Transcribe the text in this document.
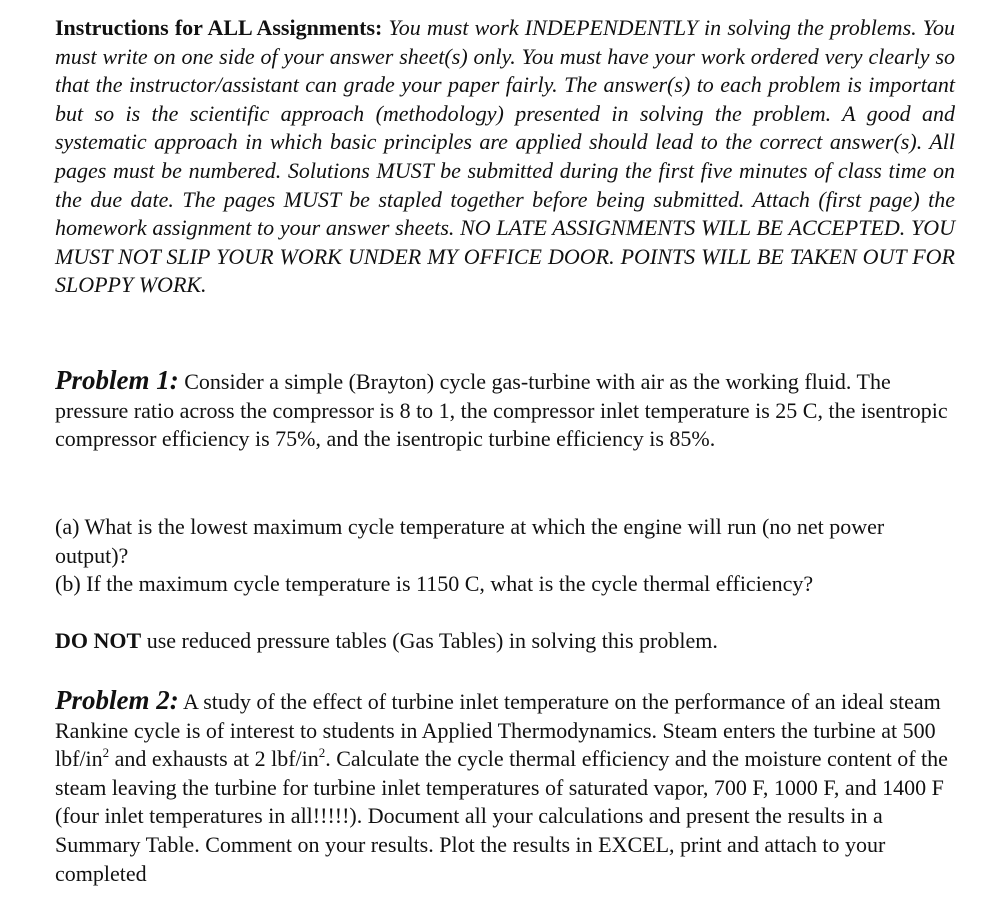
Instructions for ALL Assignments: You must work INDEPENDENTLY in solving the problems. You must write on one side of your answer sheet(s) only. You must have your work ordered very clearly so that the instructor/assistant can grade your paper fairly. The answer(s) to each problem is important but so is the scientific approach (methodology) presented in solving the problem. A good and systematic approach in which basic principles are applied should lead to the correct answer(s). All pages must be numbered. Solutions MUST be submitted during the first five minutes of class time on the due date. The pages MUST be stapled together before being submitted. Attach (first page) the homework assignment to your answer sheets. NO LATE ASSIGNMENTS WILL BE ACCEPTED. YOU MUST NOT SLIP YOUR WORK UNDER MY OFFICE DOOR. POINTS WILL BE TAKEN OUT FOR SLOPPY WORK.

Problem 1: Consider a simple (Brayton) cycle gas-turbine with air as the working fluid. The pressure ratio across the compressor is 8 to 1, the compressor inlet temperature is 25 C, the isentropic compressor efficiency is 75%, and the isentropic turbine efficiency is 85%.

(a) What is the lowest maximum cycle temperature at which the engine will run (no net power output)?
(b) If the maximum cycle temperature is 1150 C, what is the cycle thermal efficiency?

DO NOT use reduced pressure tables (Gas Tables) in solving this problem.

Problem 2: A study of the effect of turbine inlet temperature on the performance of an ideal steam Rankine cycle is of interest to students in Applied Thermodynamics. Steam enters the turbine at 500 lbf/$in^2$ and exhausts at 2 lbf/$in^2$. Calculate the cycle thermal efficiency and the moisture content of the steam leaving the turbine for turbine inlet temperatures of saturated vapor, 700 F, 1000 F, and 1400 F (four inlet temperatures in all!!!!!). Document all your calculations and present the results in a Summary Table. Comment on your results. Plot the results in EXCEL, print and attach to your completed
